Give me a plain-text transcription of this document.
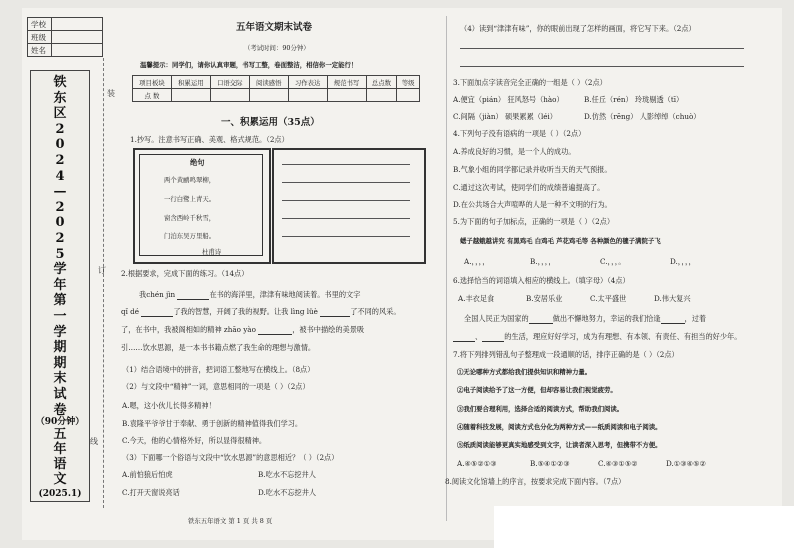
学校	
班级	
姓名	
铁
东
区
2
0
2
4
—
2
0
2
5
学
年
第
一
学
期
期
末
试
卷
（90分钟）
五
年
语
文
(2025.1)
装
订
线
五年语文期末试卷
（考试时间：90分钟）
温馨提示：同学们，请你认真审题，书写工整，卷面整洁，相信你一定能行！
项目板块	积累运用	口语交际	阅读感悟	习作表达	规范书写	总点数	等级
点 数							
一、积累运用（35点）
1.抄写。注意书写正确、美观、格式规范。（2点）
绝句
两个黄鹂鸣翠柳，
一行白鹭上青天。
窗含西岭千秋雪，
门泊东吴万里船。
杜甫诗
2.根据要求，完成下面的练习。（14点）
我chén jìn	在书的海洋里，津津有味地阅读着。书里的文字
qǐ dé	了我的智慧，开阔了我的视野。让我 lìng lüè	了不同的风采。
了，在书中，我被阁相如的精神 zhāo yào	，被书中描绘的美景吸
引……饮水思源，是一本书书籍点燃了我生命的理想与激情。
（1）结合语境中的拼音，把词语工整地写在横线上。（8点）
（2）与文段中“精神”一词，意思相同的一项是（ ）（2点）
A.嗯，这小伙儿长得多精神！
B.袁隆平爷爷甘于奉献、勇于创新的精神值得我们学习。
C.今天，他的心情格外好，所以显得很精神。
（3）下面哪一个俗语与文段中“饮水思源”的意思相近？（ ）（2点）
A.前怕狼后怕虎	B.吃水不忘挖井人
C.打开天窗说亮话	D.吃水不忘挖井人
铁东五年语文 第 1 页 共 8 页
（4）读到“津津有味”，你的眼前出现了怎样的画面，将它写下来。（2点）
3.下面加点字读音完全正确的一组是（ ）（2点）
A.便宜（pián） 狂风怒号（hào）	B.任丘（rén） 玲珑剔透（tī）
C.间隔（jiàn） 硕果累累（léi）	D.仿然（rēng） 人影绰绰（chuò）
4.下列句子没有语病的一项是（ ）（2点）
A.养成良好的习惯，是一个人的成功。
B.气象小组的同学都记录并收听当天的天气预报。
C.通过这次考试，使同学们的成绩普遍提高了。
D.在公共场合大声喧哗的人是一种不文明的行为。
5.为下面的句子加标点，正确的一项是（ ）（2点）
蟋子越蛾越讲究 有黑鸡毛 白鸡毛 芦花鸡毛等 各种颜色的毽子满院子飞
A.，，，，	B.，，，，	C.，，，。	D.，，，，
6.选择恰当的词语填入相应的横线上。（填字母）（4点）
A.丰衣足食	B.安居乐业	C.太平盛世	D.伟大复兴
全国人民正为国家的	做出不懈地努力，幸运的我们恰逢	，过着
、	的生活，理应好好学习，成为有理想、有本领、有责任、有担当的好少年。
7.将下列排列错乱句子整理成一段通顺的话，排序正确的是（ ）（2点）
①无论哪种方式都给我们提供知识和精神力量。
②电子阅读给予了这一方便，但却容易让我们视觉疲劳。
③我们要合理利用，选择合适的阅读方式，帮助我们阅读。
④随着科技发展，阅读方式也分化为两种方式——纸质阅读和电子阅读。
⑤纸质阅读能够更真实地感受到文字，让读者深入思考，但携带不方便。
A.④⑤②①③	B.⑤④①②③	C.④③①⑤②	D.①③④⑤②
8.阅读文化馆墙上的序言，按要求完成下面内容。（7点）
